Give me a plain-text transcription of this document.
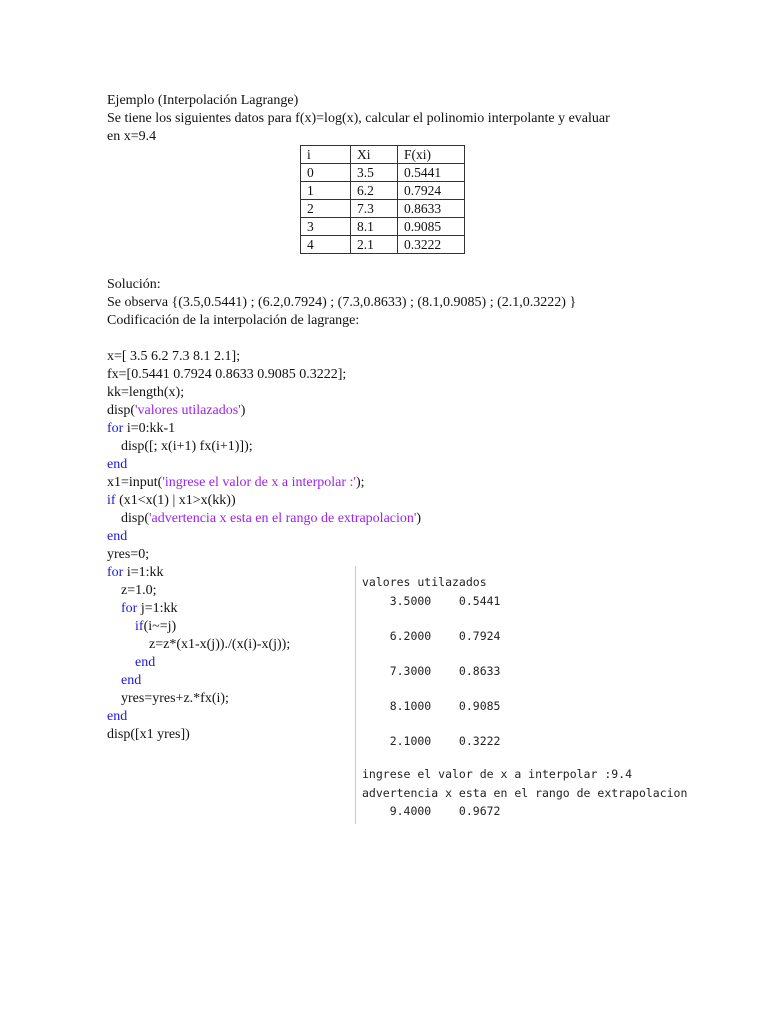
Ejemplo (Interpolación Lagrange)
Se tiene los siguientes datos para f(x)=log(x), calcular el polinomio interpolante y evaluar
en x=9.4
i	Xi	F(xi)
0	3.5	0.5441
1	6.2	0.7924
2	7.3	0.8633
3	8.1	0.9085
4	2.1	0.3222
Solución:
Se observa {(3.5,0.5441) ; (6.2,0.7924) ; (7.3,0.8633) ; (8.1,0.9085) ; (2.1,0.3222) }
Codificación de la interpolación de lagrange:
x=[ 3.5 6.2 7.3 8.1 2.1];
fx=[0.5441 0.7924 0.8633 0.9085 0.3222];
kk=length(x);
disp('valores utilazados')
for i=0:kk-1
disp([; x(i+1) fx(i+1)]);
end
x1=input('ingrese el valor de x a interpolar :');
if (x1<x(1) | x1>x(kk))
disp('advertencia x esta en el rango de extrapolacion')
end
yres=0;
for i=1:kk
z=1.0;
for j=1:kk
if(i~=j)
z=z*(x1-x(j))./(x(i)-x(j));
end
end
yres=yres+z.*fx(i);
end
disp([x1 yres])
valores utilazados
3.5000    0.5441
6.2000    0.7924
7.3000    0.8633
8.1000    0.9085
2.1000    0.3222
ingrese el valor de x a interpolar :9.4
advertencia x esta en el rango de extrapolacion
9.4000    0.9672
